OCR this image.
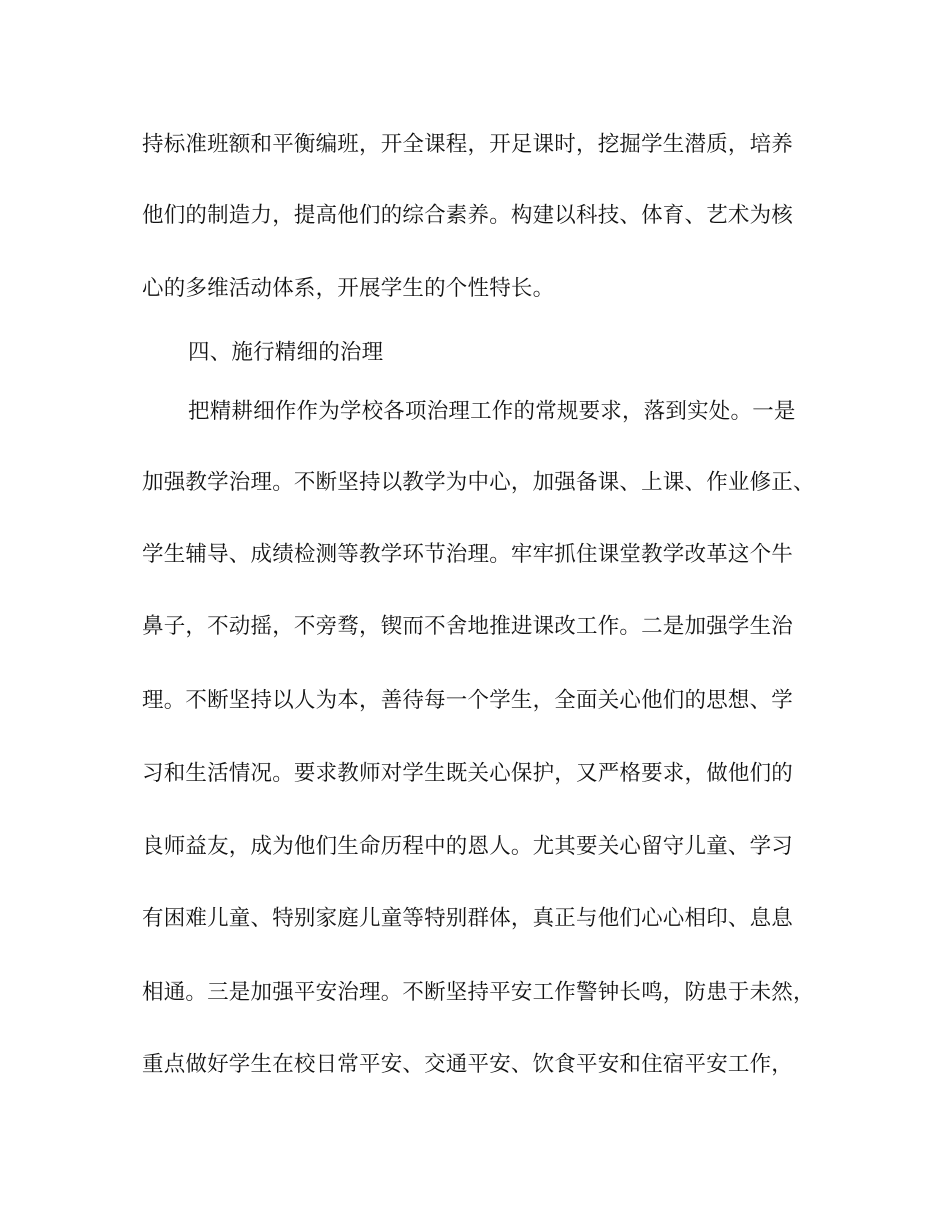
持标准班额和平衡编班，开全课程，开足课时，挖掘学生潜质，培养
他们的制造力，提高他们的综合素养。构建以科技、体育、艺术为核
心的多维活动体系，开展学生的个性特长。
四、施行精细的治理
把精耕细作作为学校各项治理工作的常规要求，落到实处。一是
加强教学治理。不断坚持以教学为中心，加强备课、上课、作业修正、
学生辅导、成绩检测等教学环节治理。牢牢抓住课堂教学改革这个牛
鼻子，不动摇，不旁骛，锲而不舍地推进课改工作。二是加强学生治
理。不断坚持以人为本，善待每一个学生，全面关心他们的思想、学
习和生活情况。要求教师对学生既关心保护，又严格要求，做他们的
良师益友，成为他们生命历程中的恩人。尤其要关心留守儿童、学习
有困难儿童、特别家庭儿童等特别群体，真正与他们心心相印、息息
相通。三是加强平安治理。不断坚持平安工作警钟长鸣，防患于未然，
重点做好学生在校日常平安、交通平安、饮食平安和住宿平安工作，
